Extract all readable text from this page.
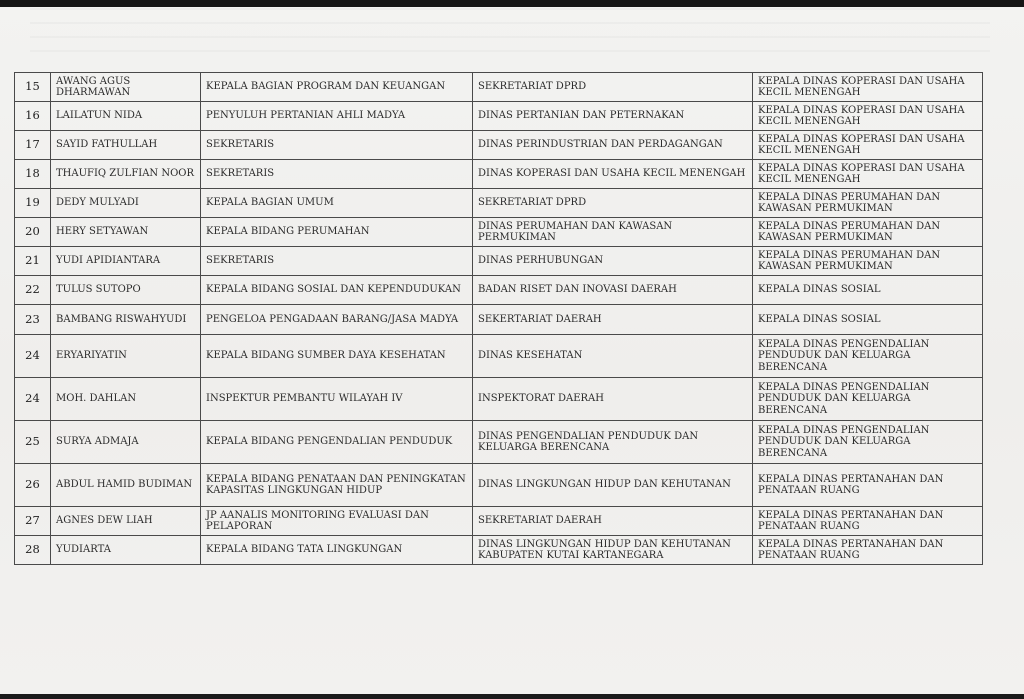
15	AWANG AGUS DHARMAWAN	KEPALA BAGIAN PROGRAM DAN KEUANGAN	SEKRETARIAT DPRD	KEPALA DINAS KOPERASI DAN USAHA KECIL MENENGAH
16	LAILATUN NIDA	PENYULUH PERTANIAN AHLI MADYA	DINAS PERTANIAN DAN PETERNAKAN	KEPALA DINAS KOPERASI DAN USAHA KECIL MENENGAH
17	SAYID FATHULLAH	SEKRETARIS	DINAS PERINDUSTRIAN DAN PERDAGANGAN	KEPALA DINAS KOPERASI DAN USAHA KECIL MENENGAH
18	THAUFIQ ZULFIAN NOOR	SEKRETARIS	DINAS KOPERASI DAN USAHA KECIL MENENGAH	KEPALA DINAS KOPERASI DAN USAHA KECIL MENENGAH
19	DEDY MULYADI	KEPALA BAGIAN UMUM	SEKRETARIAT DPRD	KEPALA DINAS PERUMAHAN DAN KAWASAN PERMUKIMAN
20	HERY SETYAWAN	KEPALA BIDANG PERUMAHAN	DINAS PERUMAHAN DAN KAWASAN PERMUKIMAN	KEPALA DINAS PERUMAHAN DAN KAWASAN PERMUKIMAN
21	YUDI APIDIANTARA	SEKRETARIS	DINAS PERHUBUNGAN	KEPALA DINAS PERUMAHAN DAN KAWASAN PERMUKIMAN
22	TULUS SUTOPO	KEPALA BIDANG SOSIAL DAN KEPENDUDUKAN	BADAN RISET DAN INOVASI DAERAH	KEPALA DINAS SOSIAL
23	BAMBANG RISWAHYUDI	PENGELOA PENGADAAN BARANG/JASA MADYA	SEKERTARIAT DAERAH	KEPALA DINAS SOSIAL
24	ERYARIYATIN	KEPALA BIDANG SUMBER DAYA KESEHATAN	DINAS KESEHATAN	KEPALA DINAS PENGENDALIAN PENDUDUK DAN KELUARGA BERENCANA
24	MOH. DAHLAN	INSPEKTUR PEMBANTU WILAYAH IV	INSPEKTORAT DAERAH	KEPALA DINAS PENGENDALIAN PENDUDUK DAN KELUARGA BERENCANA
25	SURYA ADMAJA	KEPALA BIDANG PENGENDALIAN PENDUDUK	DINAS PENGENDALIAN PENDUDUK DAN KELUARGA BERENCANA	KEPALA DINAS PENGENDALIAN PENDUDUK DAN KELUARGA BERENCANA
26	ABDUL HAMID BUDIMAN	KEPALA BIDANG PENATAAN DAN PENINGKATAN KAPASITAS LINGKUNGAN HIDUP	DINAS LINGKUNGAN HIDUP DAN KEHUTANAN	KEPALA DINAS PERTANAHAN DAN PENATAAN RUANG
27	AGNES DEW LIAH	JP AANALIS MONITORING EVALUASI DAN PELAPORAN	SEKRETARIAT DAERAH	KEPALA DINAS PERTANAHAN DAN PENATAAN RUANG
28	YUDIARTA	KEPALA BIDANG TATA LINGKUNGAN	DINAS LINGKUNGAN HIDUP DAN KEHUTANAN KABUPATEN KUTAI KARTANEGARA	KEPALA DINAS PERTANAHAN DAN PENATAAN RUANG
